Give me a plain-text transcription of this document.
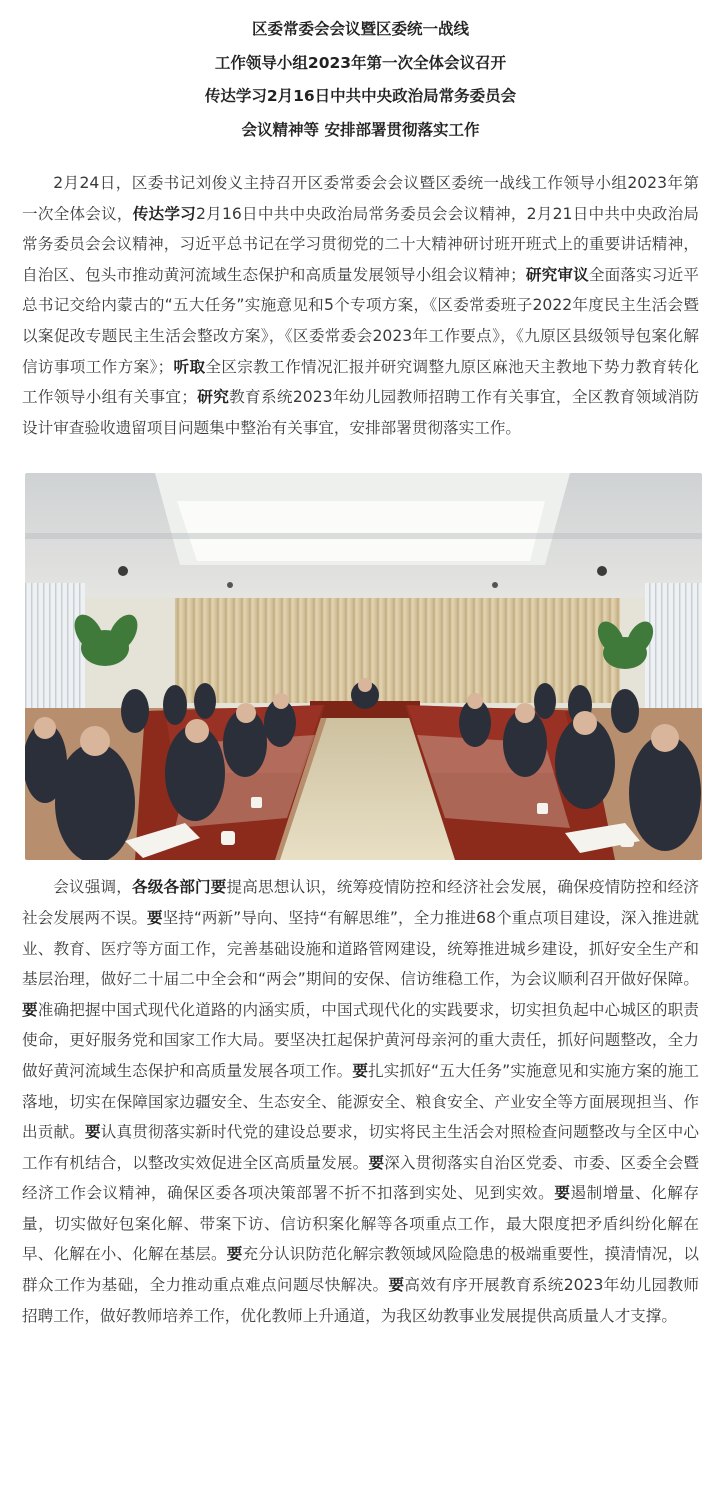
区委常委会会议暨区委统一战线
工作领导小组2023年第一次全体会议召开
传达学习2月16日中共中央政治局常务委员会
会议精神等 安排部署贯彻落实工作

2月24日，区委书记刘俊义主持召开区委常委会会议暨区委统一战线工作领导小组2023年第一次全体会议，传达学习2月16日中共中央政治局常务委员会会议精神，2月21日中共中央政治局常务委员会会议精神，习近平总书记在学习贯彻党的二十大精神研讨班开班式上的重要讲话精神，自治区、包头市推动黄河流域生态保护和高质量发展领导小组会议精神；研究审议全面落实习近平总书记交给内蒙古的“五大任务”实施意见和5个专项方案，《区委常委班子2022年度民主生活会暨以案促改专题民主生活会整改方案》，《区委常委会2023年工作要点》，《九原区县级领导包案化解信访事项工作方案》；听取全区宗教工作情况汇报并研究调整九原区麻池天主教地下势力教育转化工作领导小组有关事宜；研究教育系统2023年幼儿园教师招聘工作有关事宜，全区教育领域消防设计审查验收遗留项目问题集中整治有关事宜，安排部署贯彻落实工作。

会议强调，各级各部门要提高思想认识，统筹疫情防控和经济社会发展，确保疫情防控和经济社会发展两不误。要坚持“两新”导向、坚持“有解思维”，全力推进68个重点项目建设，深入推进就业、教育、医疗等方面工作，完善基础设施和道路管网建设，统筹推进城乡建设，抓好安全生产和基层治理，做好二十届二中全会和“两会”期间的安保、信访维稳工作，为会议顺利召开做好保障。要准确把握中国式现代化道路的内涵实质，中国式现代化的实践要求，切实担负起中心城区的职责使命，更好服务党和国家工作大局。要坚决扛起保护黄河母亲河的重大责任，抓好问题整改，全力做好黄河流域生态保护和高质量发展各项工作。要扎实抓好“五大任务”实施意见和实施方案的施工落地，切实在保障国家边疆安全、生态安全、能源安全、粮食安全、产业安全等方面展现担当、作出贡献。要认真贯彻落实新时代党的建设总要求，切实将民主生活会对照检查问题整改与全区中心工作有机结合，以整改实效促进全区高质量发展。要深入贯彻落实自治区党委、市委、区委全会暨经济工作会议精神，确保区委各项决策部署不折不扣落到实处、见到实效。要遏制增量、化解存量，切实做好包案化解、带案下访、信访积案化解等各项重点工作，最大限度把矛盾纠纷化解在早、化解在小、化解在基层。要充分认识防范化解宗教领域风险隐患的极端重要性，摸清情况，以群众工作为基础，全力推动重点难点问题尽快解决。要高效有序开展教育系统2023年幼儿园教师招聘工作，做好教师培养工作，优化教师上升通道，为我区幼教事业发展提供高质量人才支撑。
